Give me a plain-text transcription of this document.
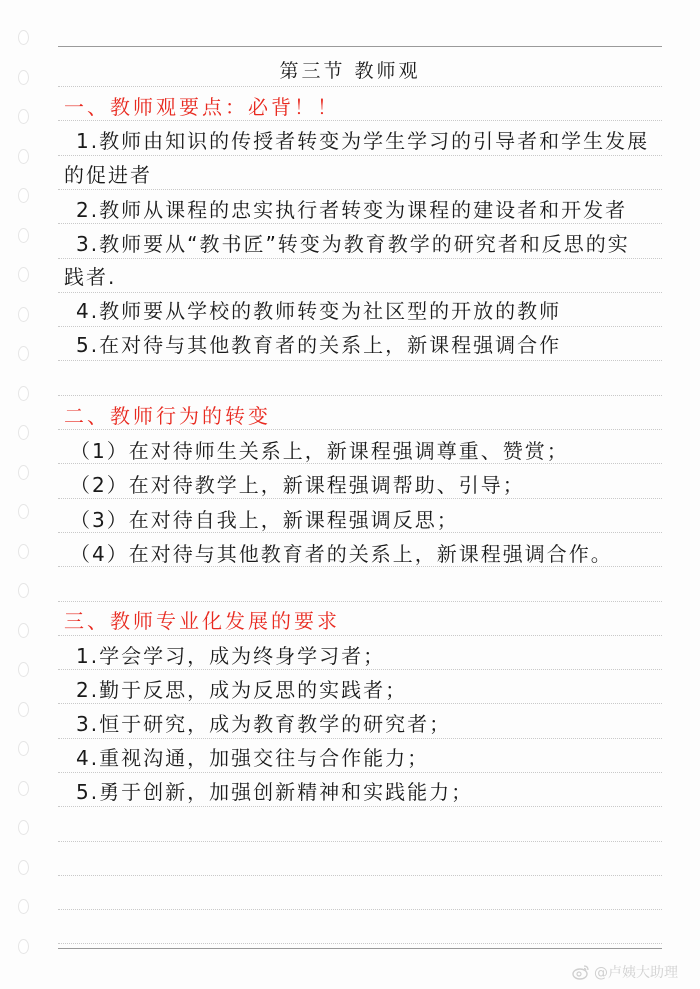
第三节 教师观
一、教师观要点：必背！！
1.教师由知识的传授者转变为学生学习的引导者和学生发展
的促进者
2.教师从课程的忠实执行者转变为课程的建设者和开发者
3.教师要从“教书匠”转变为教育教学的研究者和反思的实
践者.
4.教师要从学校的教师转变为社区型的开放的教师
5.在对待与其他教育者的关系上，新课程强调合作
二、教师行为的转变
（1）在对待师生关系上，新课程强调尊重、赞赏；
（2）在对待教学上，新课程强调帮助、引导；
（3）在对待自我上，新课程强调反思；
（4）在对待与其他教育者的关系上，新课程强调合作。
三、教师专业化发展的要求
1.学会学习，成为终身学习者；
2.勤于反思，成为反思的实践者；
3.恒于研究，成为教育教学的研究者；
4.重视沟通，加强交往与合作能力；
5.勇于创新，加强创新精神和实践能力；
@卢姨大助理
